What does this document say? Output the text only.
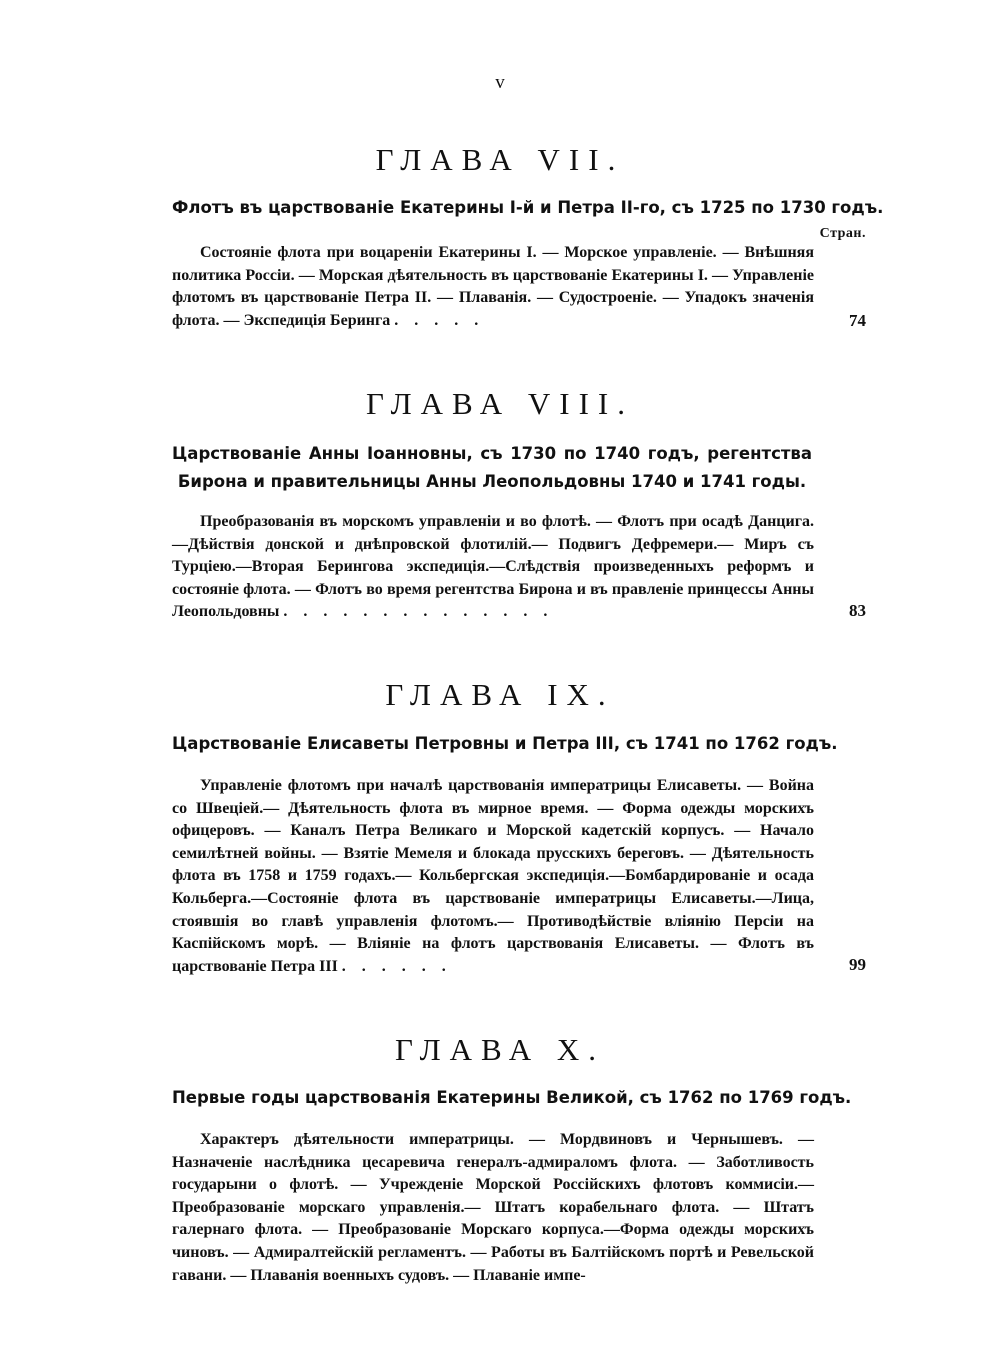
v
Стран.
ГЛАВА VII.
Флотъ въ царствованіе Екатерины I-й и Петра II-го, съ 1725 по 1730 годъ.

Состояніе флота при воцареніи Екатерины I. — Морское управленіе. — Внѣшняя политика Россіи. — Морская дѣятельность въ царствованіе Екатерины I. — Управленіе флотомъ въ царствованіе Петра II. — Плаванія. — Судостроеніе. — Упадокъ значенія флота. — Экспедиція Беринга . . . . .	74
ГЛАВА VIII.
Царствованіе Анны Іоанновны, съ 1730 по 1740 годъ, регентства Бирона и правительницы Анны Леопольдовны 1740 и 1741 годы.

Преобразованія въ морскомъ управленіи и во флотѣ. — Флотъ при осадѣ Данцига.—Дѣйствія донской и днѣпровской флотилій.— Подвигъ Дефремери.— Миръ съ Турціею.—Вторая Берингова экспедиція.—Слѣдствія произведенныхъ реформъ и состояніе флота. — Флотъ во время регентства Бирона и въ правленіе принцессы Анны Леопольдовны . . . . . . . . . . . . . .	83
ГЛАВА IX.
Царствованіе Елисаветы Петровны и Петра III, съ 1741 по 1762 годъ.

Управленіе флотомъ при началѣ царствованія императрицы Елисаветы. — Война со Швеціей.— Дѣятельность флота въ мирное время. — Форма одежды морскихъ офицеровъ. — Каналъ Петра Великаго и Морской кадетскій корпусъ. — Начало семилѣтней войны. — Взятіе Мемеля и блокада прусскихъ береговъ. — Дѣятельность флота въ 1758 и 1759 годахъ.— Кольбергская экспедиція.—Бомбардированіе и осада Кольберга.—Состояніе флота въ царствованіе императрицы Елисаветы.—Лица, стоявшія во главѣ управленія флотомъ.— Противодѣйствіе вліянію Персіи на Каспійскомъ морѣ. — Вліяніе на флотъ царствованія Елисаветы. — Флотъ въ царствованіе Петра III . . . . . .	99
ГЛАВА X.
Первые годы царствованія Екатерины Великой, съ 1762 по 1769 годъ.

Характеръ дѣятельности императрицы. — Мордвиновъ и Чернышевъ. — Назначеніе наслѣдника цесаревича генералъ-адмираломъ флота. — Заботливость государыни о флотѣ. — Учрежденіе Морской Россійскихъ флотовъ коммисіи.—Преобразованіе морскаго управленія.— Штатъ корабельнаго флота. — Штатъ галернаго флота. — Преобразованіе Морскаго корпуса.—Форма одежды морскихъ чиновъ. — Адмиралтейскій регламентъ. — Работы въ Балтійскомъ портѣ и Ревельской гавани. — Плаванія военныхъ судовъ. — Плаваніе импе-
